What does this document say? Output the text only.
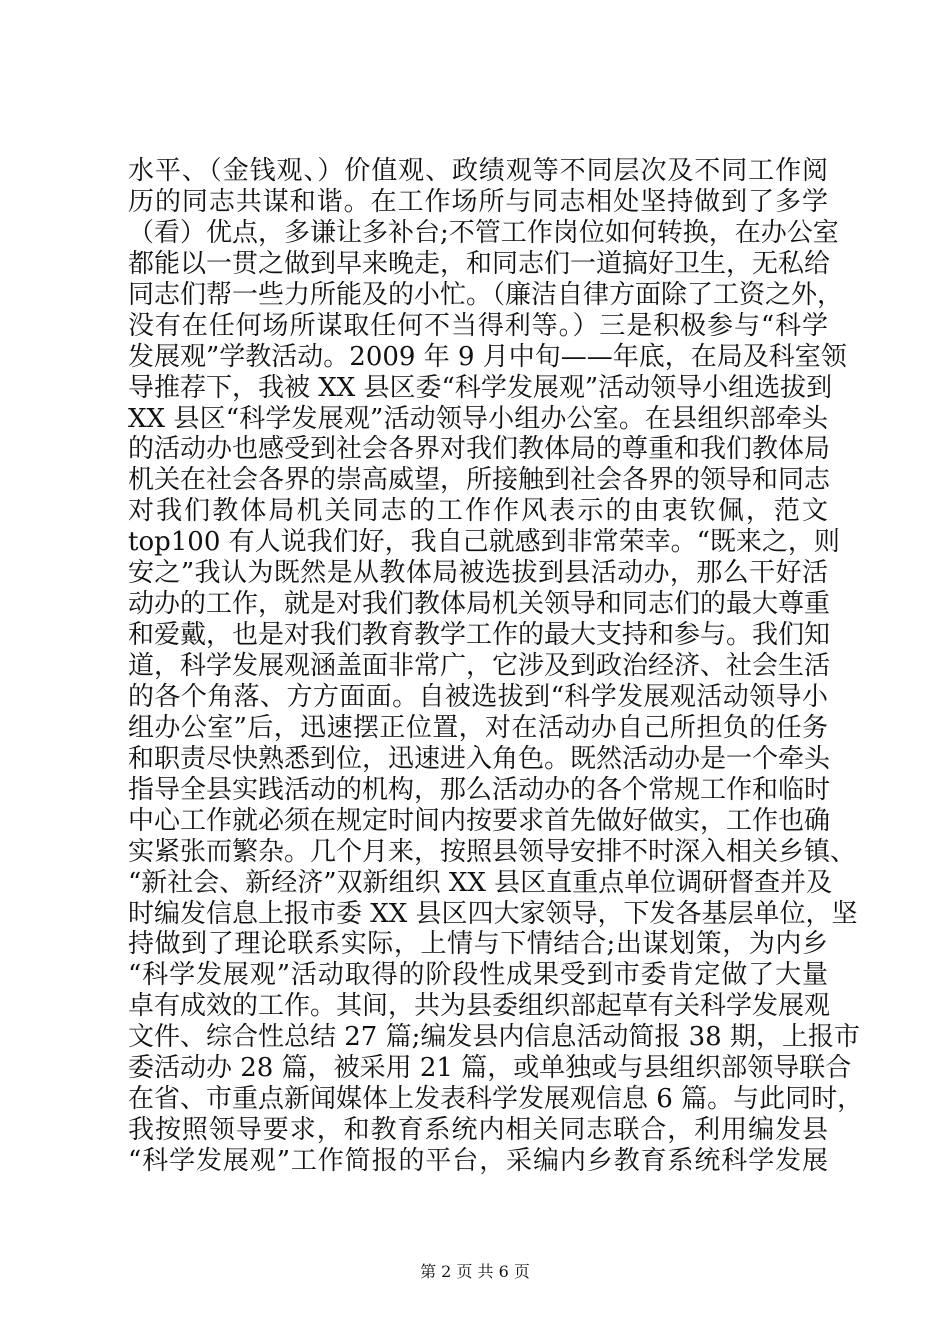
水平、（金钱观、）价值观、政绩观等不同层次及不同工作阅
历的同志共谋和谐。在工作场所与同志相处坚持做到了多学
（看）优点，多谦让多补台;不管工作岗位如何转换，在办公室
都能以一贯之做到早来晚走，和同志们一道搞好卫生，无私给
同志们帮一些力所能及的小忙。（廉洁自律方面除了工资之外，
没有在任何场所谋取任何不当得利等。）三是积极参与“科学
发展观”学教活动。2009 年 9 月中旬——年底，在局及科室领
导推荐下，我被 XX 县区委“科学发展观”活动领导小组选拔到
XX 县区“科学发展观”活动领导小组办公室。在县组织部牵头
的活动办也感受到社会各界对我们教体局的尊重和我们教体局
机关在社会各界的崇高威望，所接触到社会各界的领导和同志
对我们教体局机关同志的工作作风表示的由衷钦佩，范文
top100 有人说我们好，我自己就感到非常荣幸。“既来之，则
安之”我认为既然是从教体局被选拔到县活动办，那么干好活
动办的工作，就是对我们教体局机关领导和同志们的最大尊重
和爱戴，也是对我们教育教学工作的最大支持和参与。我们知
道，科学发展观涵盖面非常广，它涉及到政治经济、社会生活
的各个角落、方方面面。自被选拔到“科学发展观活动领导小
组办公室”后，迅速摆正位置，对在活动办自己所担负的任务
和职责尽快熟悉到位，迅速进入角色。既然活动办是一个牵头
指导全县实践活动的机构，那么活动办的各个常规工作和临时
中心工作就必须在规定时间内按要求首先做好做实，工作也确
实紧张而繁杂。几个月来，按照县领导安排不时深入相关乡镇、
“新社会、新经济”双新组织 XX 县区直重点单位调研督查并及
时编发信息上报市委 XX 县区四大家领导，下发各基层单位，坚
持做到了理论联系实际，上情与下情结合;出谋划策，为内乡
“科学发展观”活动取得的阶段性成果受到市委肯定做了大量
卓有成效的工作。其间，共为县委组织部起草有关科学发展观
文件、综合性总结 27 篇;编发县内信息活动简报 38 期，上报市
委活动办 28 篇，被采用 21 篇，或单独或与县组织部领导联合
在省、市重点新闻媒体上发表科学发展观信息 6 篇。与此同时，
我按照领导要求，和教育系统内相关同志联合，利用编发县
“科学发展观”工作简报的平台，采编内乡教育系统科学发展
第 2 页 共 6 页
